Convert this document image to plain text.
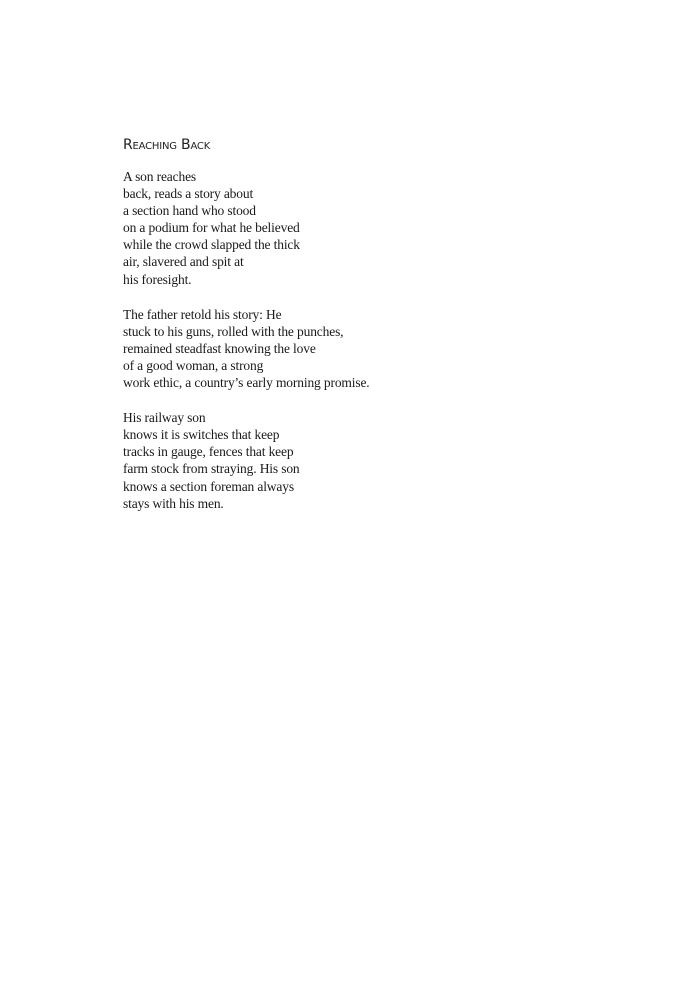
Reaching Back
A son reaches
back, reads a story about
a section hand who stood
on a podium for what he believed
while the crowd slapped the thick
air, slavered and spit at
his foresight.
The father retold his story: He
stuck to his guns, rolled with the punches,
remained steadfast knowing the love
of a good woman, a strong
work ethic, a country’s early morning promise.
His railway son
knows it is switches that keep
tracks in gauge, fences that keep
farm stock from straying. His son
knows a section foreman always
stays with his men.
